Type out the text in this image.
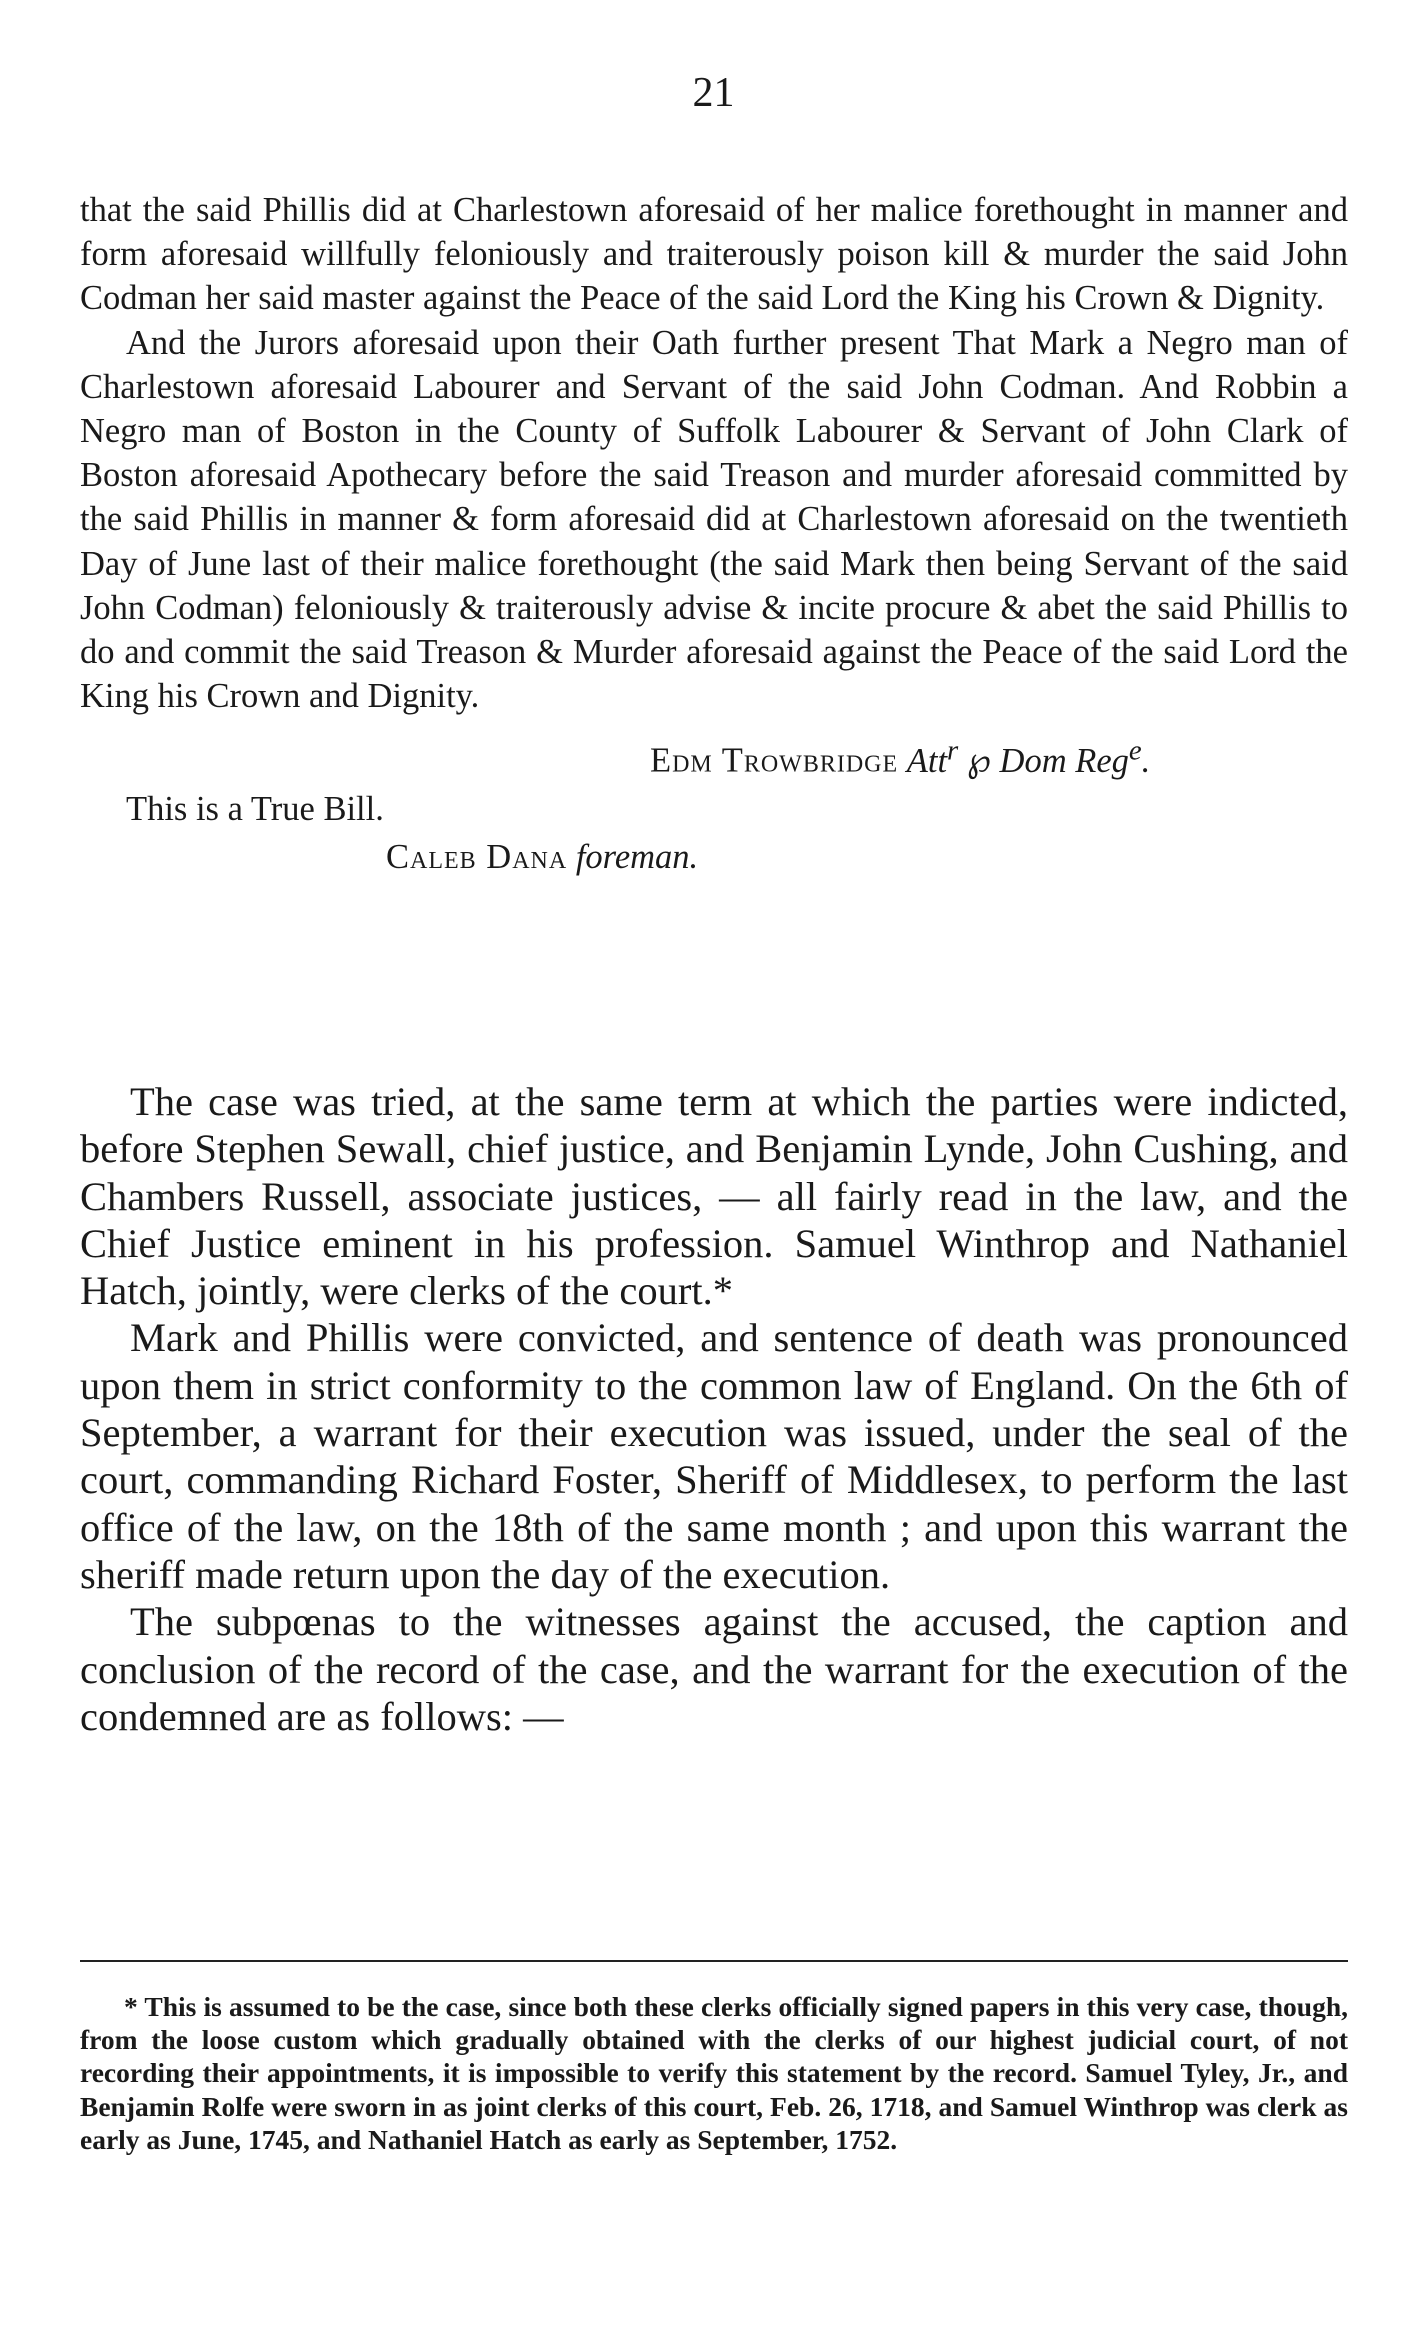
21

that the said Phillis did at Charlestown aforesaid of her malice forethought in manner and form aforesaid willfully feloniously and traiterously poison kill & murder the said John Codman her said master against the Peace of the said Lord the King his Crown & Dignity.

And the Jurors aforesaid upon their Oath further present That Mark a Negro man of Charlestown aforesaid Labourer and Servant of the said John Codman. And Robbin a Negro man of Boston in the County of Suffolk Labourer & Servant of John Clark of Boston aforesaid Apothecary before the said Treason and murder aforesaid committed by the said Phillis in manner & form aforesaid did at Charlestown aforesaid on the twentieth Day of June last of their malice forethought (the said Mark then being Servant of the said John Codman) feloniously & traiterously advise & incite procure & abet the said Phillis to do and commit the said Treason & Murder aforesaid against the Peace of the said Lord the King his Crown and Dignity.

Edm Trowbridge Att$^r$ ℘ Dom Reg$^e$.
This is a True Bill.
Caleb Dana foreman.

The case was tried, at the same term at which the parties were indicted, before Stephen Sewall, chief justice, and Benjamin Lynde, John Cushing, and Chambers Russell, associate justices, — all fairly read in the law, and the Chief Justice eminent in his profession. Samuel Winthrop and Nathaniel Hatch, jointly, were clerks of the court.*

Mark and Phillis were convicted, and sentence of death was pronounced upon them in strict conformity to the common law of England. On the 6th of September, a warrant for their execution was issued, under the seal of the court, commanding Richard Foster, Sheriff of Middlesex, to perform the last office of the law, on the 18th of the same month ; and upon this warrant the sheriff made return upon the day of the execution.

The subpœnas to the witnesses against the accused, the caption and conclusion of the record of the case, and the warrant for the execution of the condemned are as follows: —

* This is assumed to be the case, since both these clerks officially signed papers in this very case, though, from the loose custom which gradually obtained with the clerks of our highest judicial court, of not recording their appointments, it is impossible to verify this statement by the record. Samuel Tyley, Jr., and Benjamin Rolfe were sworn in as joint clerks of this court, Feb. 26, 1718, and Samuel Winthrop was clerk as early as June, 1745, and Nathaniel Hatch as early as September, 1752.
